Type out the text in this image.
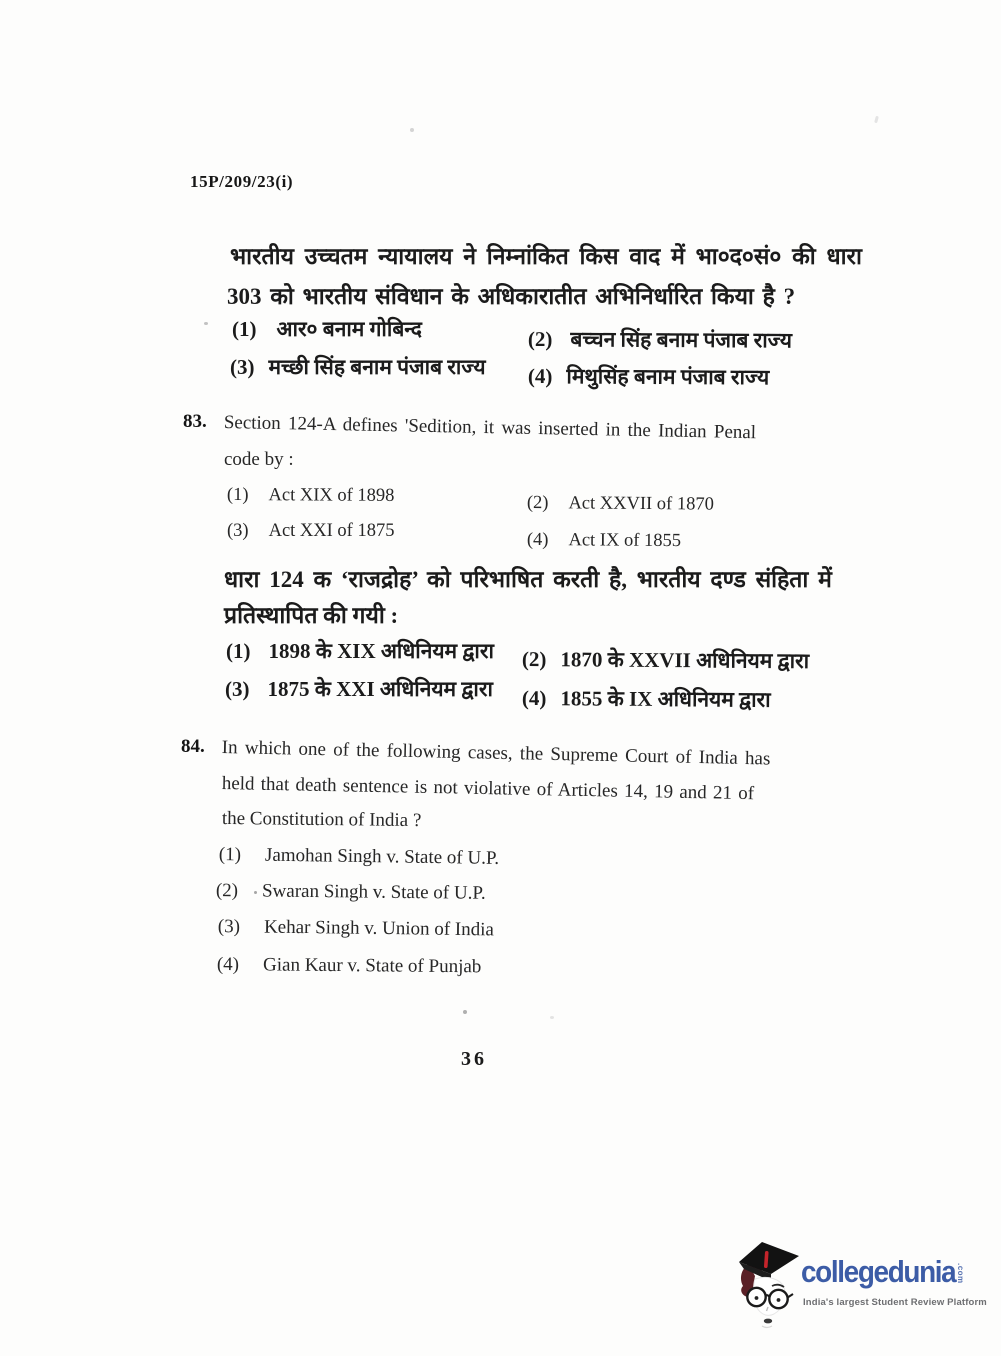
15P/209/23(i)
भारतीय उच्चतम न्यायालय ने निम्नांकित किस वाद में भा०द०सं० की धारा
303 को भारतीय संविधान के अधिकारातीत अभिनिर्धारित किया है ?
(1) आर० बनाम गोबिन्द	(2) बच्चन सिंह बनाम पंजाब राज्य
(3) मच्छी सिंह बनाम पंजाब राज्य (4) मिथुसिंह बनाम पंजाब राज्य
83. Section 124-A defines 'Sedition, it was inserted in the Indian Penal
code by :
(1) Act XIX of 1898	(2) Act XXVII of 1870
(3) Act XXI of 1875	(4) Act IX of 1855
धारा 124 क ‘राजद्रोह’ को परिभाषित करती है, भारतीय दण्ड संहिता में
प्रतिस्थापित की गयी :
(1) 1898 के XIX अधिनियम द्वारा (2) 1870 के XXVII अधिनियम द्वारा
(3) 1875 के XXI अधिनियम द्वारा (4) 1855 के IX अधिनियम द्वारा
84. In which one of the following cases, the Supreme Court of India has
held that death sentence is not violative of Articles 14, 19 and 21 of
the Constitution of India ?
(1) Jamohan Singh v. State of U.P.
(2) Swaran Singh v. State of U.P.
(3) Kehar Singh v. Union of India
(4) Gian Kaur v. State of Punjab
36
collegedunia .com
India's largest Student Review Platform
